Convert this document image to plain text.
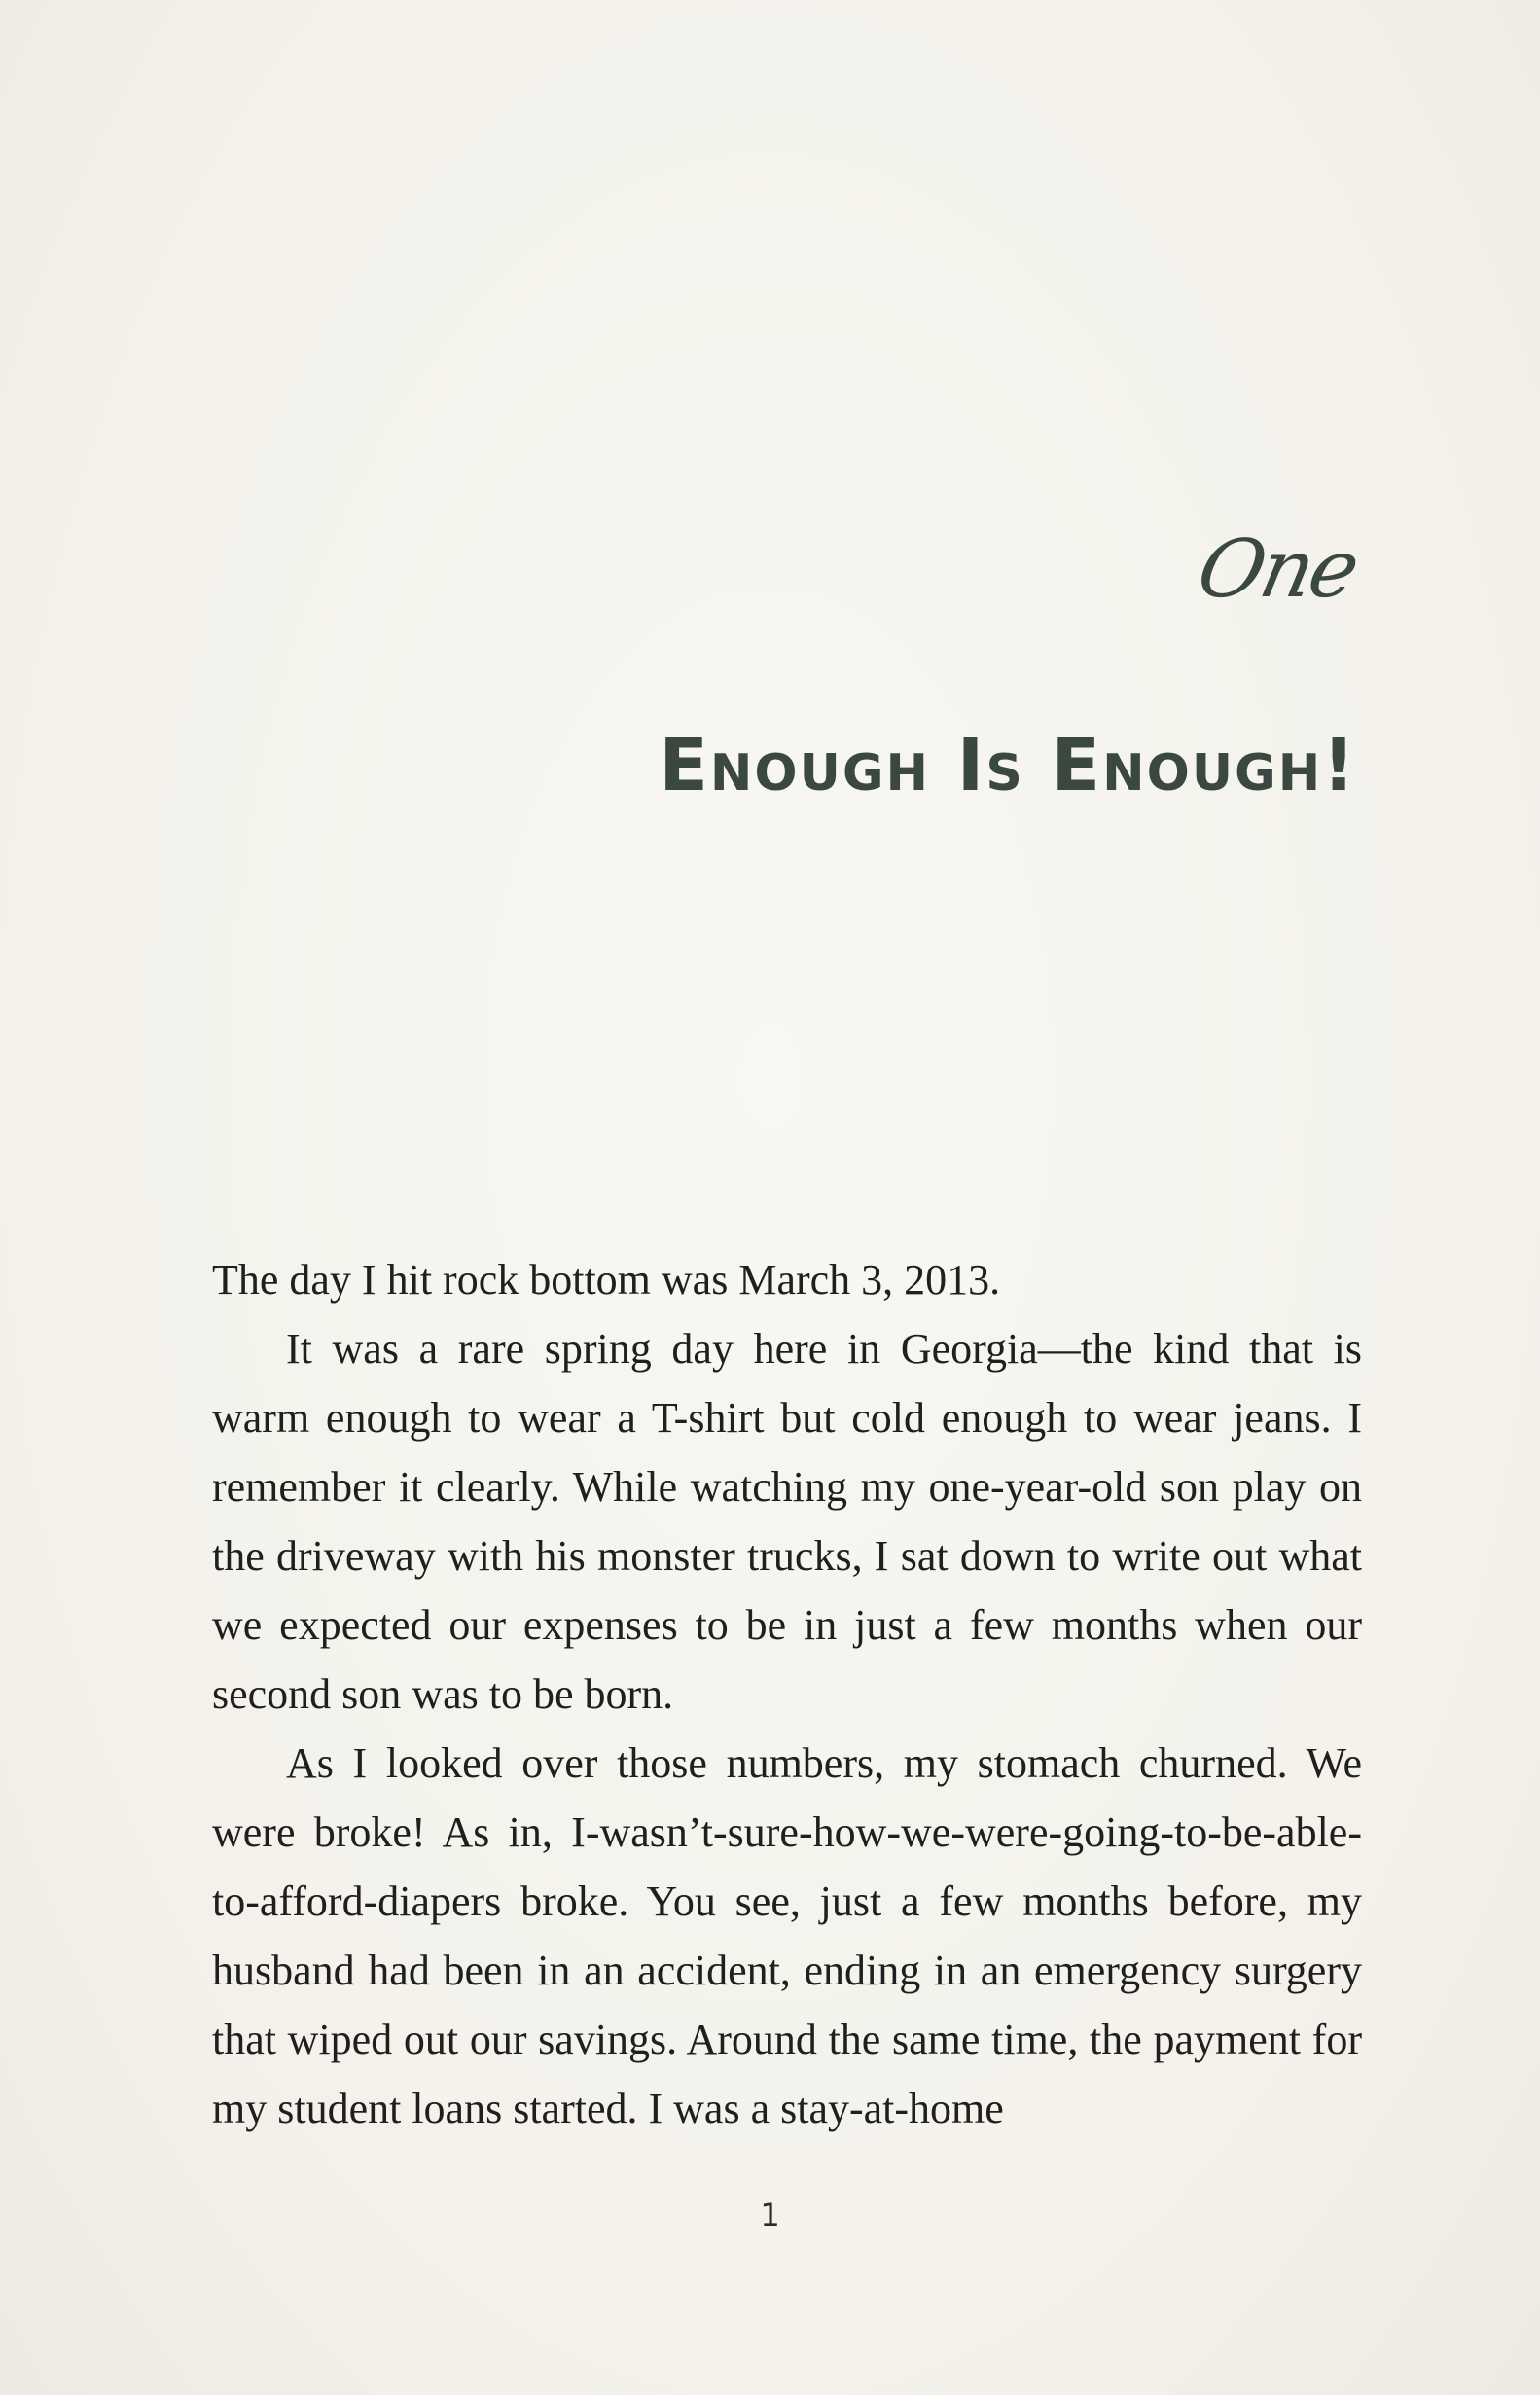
One
Enough Is Enough!

The day I hit rock bottom was March 3, 2013.

It was a rare spring day here in Georgia—the kind that is warm enough to wear a T-shirt but cold enough to wear jeans. I remember it clearly. While watching my one-year-old son play on the driveway with his monster trucks, I sat down to write out what we expected our expenses to be in just a few months when our second son was to be born.

As I looked over those numbers, my stomach churned. We were broke! As in, I-wasn’t-sure-how-we-were-going-to-be-able-to-afford-diapers broke. You see, just a few months before, my husband had been in an accident, ending in an emergency surgery that wiped out our savings. Around the same time, the payment for my student loans started. I was a stay-at-home

1
